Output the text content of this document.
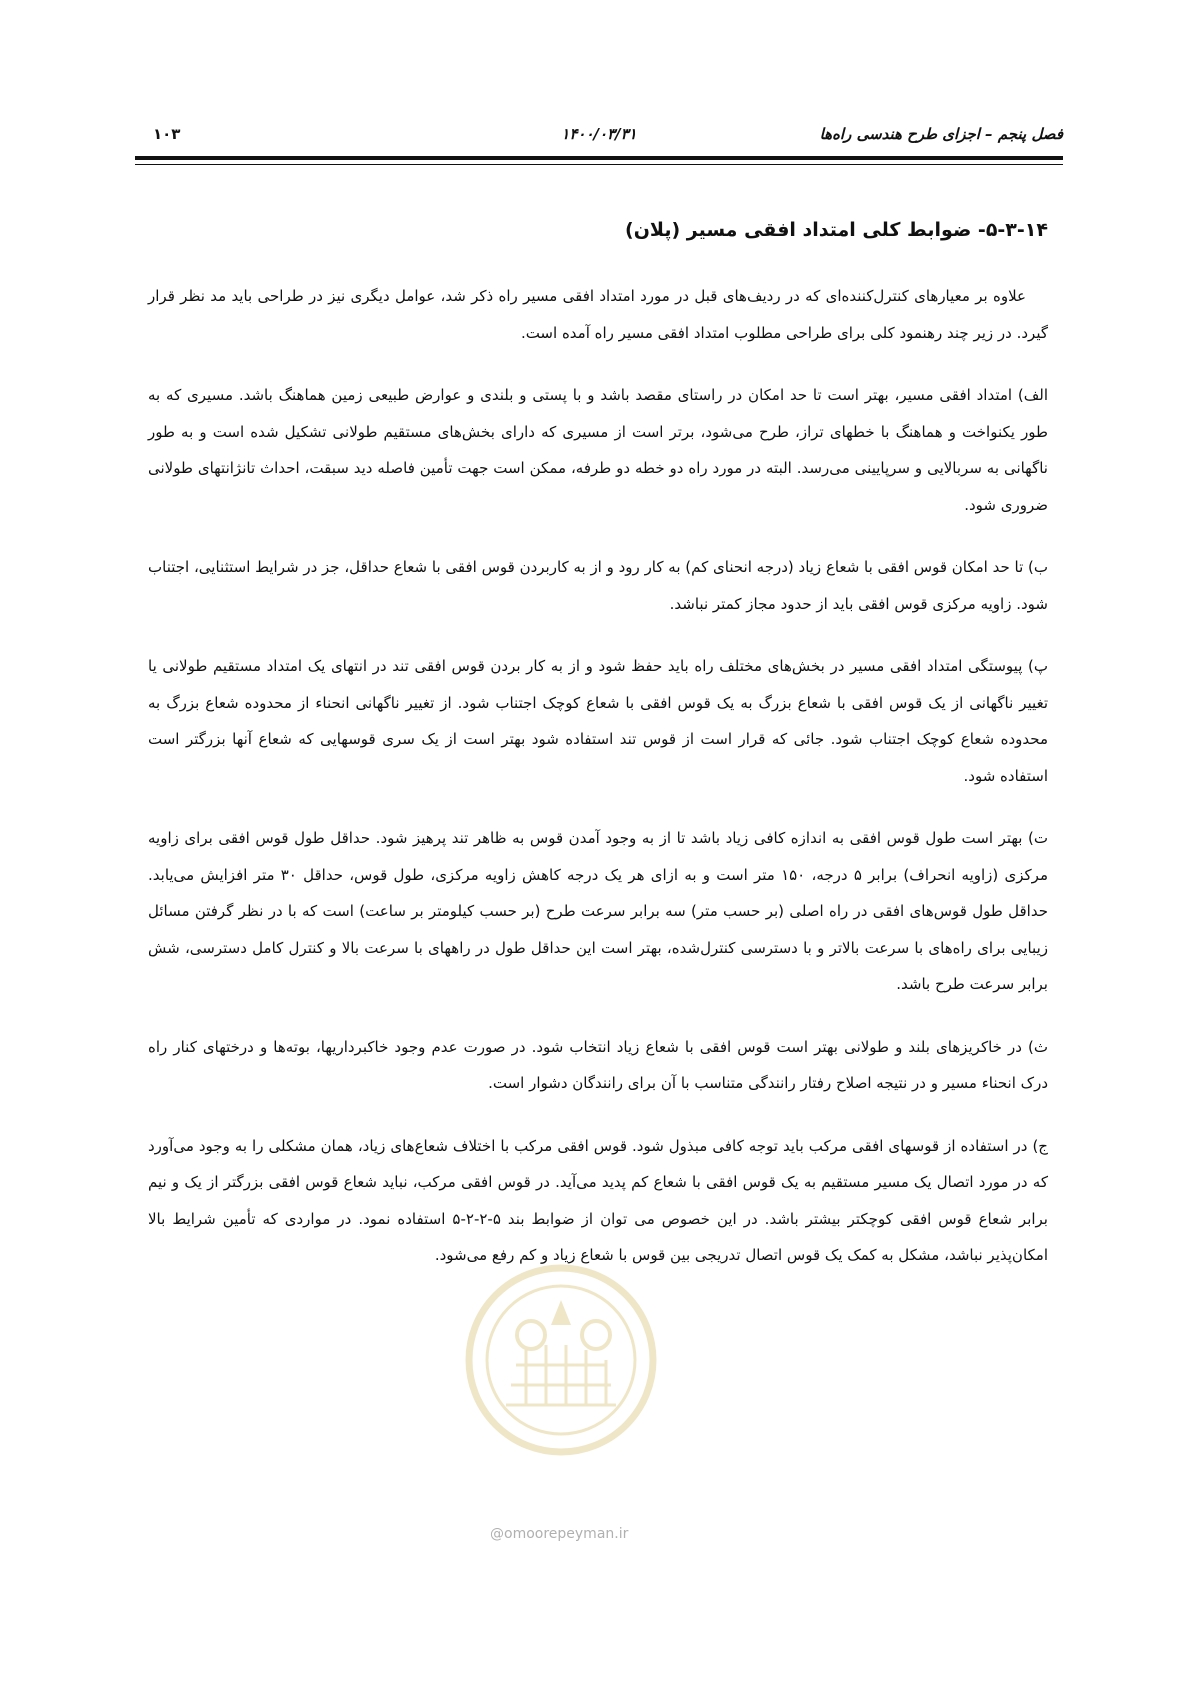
فصل پنجم – اجزای طرح هندسی راه‌ها
۱۴۰۰/۰۳/۳۱
۱۰۳
۵-۳-۱۴- ضوابط کلی امتداد افقی مسیر (پلان)

علاوه بر معیارهای کنترل‌کننده‌ای که در ردیف‌های قبل در مورد امتداد افقی مسیر راه ذکر شد، عوامل دیگری نیز در طراحی باید مد نظر قرار گیرد. در زیر چند رهنمود کلی برای طراحی مطلوب امتداد افقی مسیر راه آمده است.

الف) امتداد افقی مسیر، بهتر است تا حد امکان در راستای مقصد باشد و با پستی و بلندی و عوارض طبیعی زمین هماهنگ باشد. مسیری که به طور یکنواخت و هماهنگ با خطهای تراز، طرح می‌شود، برتر است از مسیری که دارای بخش‌های مستقیم طولانی تشکیل شده است و به طور ناگهانی به سربالایی و سرپایینی می‌رسد. البته در مورد راه دو خطه دو طرفه، ممکن است جهت تأمین فاصله دید سبقت، احداث تانژانتهای طولانی ضروری شود.

ب) تا حد امکان قوس افقی با شعاع زیاد (درجه انحنای کم) به کار رود و از به کاربردن قوس افقی با شعاع حداقل، جز در شرایط استثنایی، اجتناب شود. زاویه مرکزی قوس افقی باید از حدود مجاز کمتر نباشد.

پ) پیوستگی امتداد افقی مسیر در بخش‌های مختلف راه باید حفظ شود و از به کار بردن قوس افقی تند در انتهای یک امتداد مستقیم طولانی یا تغییر ناگهانی از یک قوس افقی با شعاع بزرگ به یک قوس افقی با شعاع کوچک اجتناب شود. از تغییر ناگهانی انحناء از محدوده شعاع بزرگ به محدوده شعاع کوچک اجتناب شود. جائی که قرار است از قوس تند استفاده شود بهتر است از یک سری قوسهایی که شعاع آنها بزرگتر است استفاده شود.

ت) بهتر است طول قوس افقی به اندازه کافی زیاد باشد تا از به وجود آمدن قوس به ظاهر تند پرهیز شود. حداقل طول قوس افقی برای زاویه مرکزی (زاویه انحراف) برابر ۵ درجه، ۱۵۰ متر است و به ازای هر یک درجه کاهش زاویه مرکزی، طول قوس، حداقل ۳۰ متر افزایش می‌یابد. حداقل طول قوس‌های افقی در راه اصلی (بر حسب متر) سه برابر سرعت طرح (بر حسب کیلومتر بر ساعت) است که با در نظر گرفتن مسائل زیبایی برای راه‌های با سرعت بالاتر و با دسترسی کنترل‌شده، بهتر است این حداقل طول در راههای با سرعت بالا و کنترل کامل دسترسی، شش برابر سرعت طرح باشد.

ث) در خاکریزهای بلند و طولانی بهتر است قوس افقی با شعاع زیاد انتخاب شود. در صورت عدم وجود خاکبرداریها، بوته‌ها و درختهای کنار راه درک انحناء مسیر و در نتیجه اصلاح رفتار رانندگی متناسب با آن برای رانندگان دشوار است.

ج) در استفاده از قوسهای افقی مرکب باید توجه کافی مبذول شود. قوس افقی مرکب با اختلاف شعاع‌های زیاد، همان مشکلی را به وجود می‌آورد که در مورد اتصال یک مسیر مستقیم به یک قوس افقی با شعاع کم پدید می‌آید. در قوس افقی مرکب، نباید شعاع قوس افقی بزرگتر از یک و نیم برابر شعاع قوس افقی کوچکتر بیشتر باشد. در این خصوص می توان از ضوابط بند ۵-۲-۲-۵ استفاده نمود. در مواردی که تأمین شرایط بالا امکان‌پذیر نباشد، مشکل به کمک یک قوس اتصال تدریجی بین قوس با شعاع زیاد و کم رفع می‌شود.

@omoorepeyman.ir
